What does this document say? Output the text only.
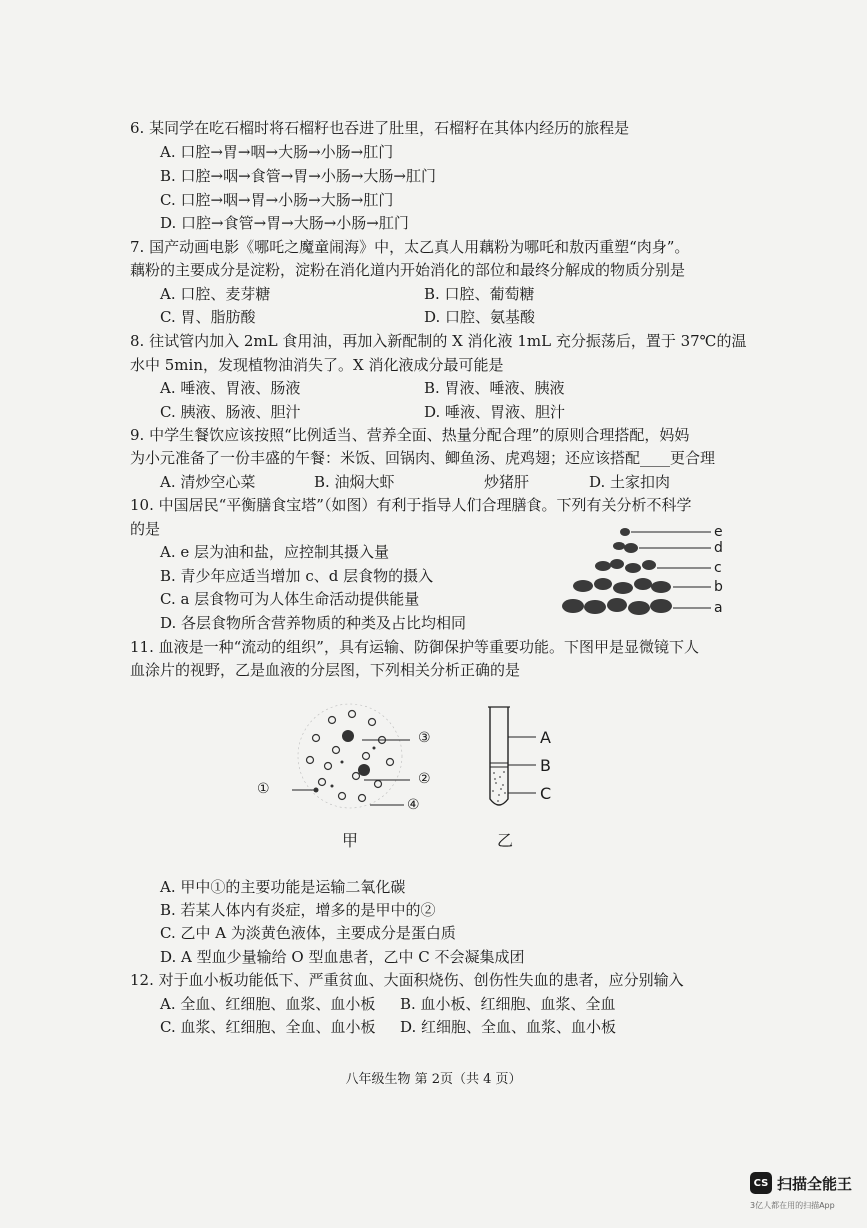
6. 某同学在吃石榴时将石榴籽也吞进了肚里，石榴籽在其体内经历的旅程是
A. 口腔→胃→咽→大肠→小肠→肛门
B. 口腔→咽→食管→胃→小肠→大肠→肛门
C. 口腔→咽→胃→小肠→大肠→肛门
D. 口腔→食管→胃→大肠→小肠→肛门
7. 国产动画电影《哪吒之魔童闹海》中，太乙真人用藕粉为哪吒和敖丙重塑“肉身”。
藕粉的主要成分是淀粉，淀粉在消化道内开始消化的部位和最终分解成的物质分别是
A. 口腔、麦芽糖	B. 口腔、葡萄糖
C. 胃、脂肪酸	D. 口腔、氨基酸
8. 往试管内加入 2mL 食用油，再加入新配制的 X 消化液 1mL 充分振荡后，置于 37℃的温
水中 5min，发现植物油消失了。X 消化液成分最可能是
A. 唾液、胃液、肠液	B. 胃液、唾液、胰液
C. 胰液、肠液、胆汁	D. 唾液、胃液、胆汁
9. 中学生餐饮应该按照“比例适当、营养全面、热量分配合理”的原则合理搭配，妈妈
为小元准备了一份丰盛的午餐：米饭、回锅肉、鲫鱼汤、虎鸡翅；还应该搭配____更合理
A. 清炒空心菜	B. 油焖大虾	炒猪肝	D. 土家扣肉
10. 中国居民“平衡膳食宝塔”（如图）有利于指导人们合理膳食。下列有关分析不科学
的是
A. e 层为油和盐，应控制其摄入量
B. 青少年应适当增加 c、d 层食物的摄入
C. a 层食物可为人体生命活动提供能量
D. 各层食物所含营养物质的种类及占比均相同
e
d
c
b
a
11. 血液是一种“流动的组织”，具有运输、防御保护等重要功能。下图甲是显微镜下人
血涂片的视野，乙是血液的分层图，下列相关分析正确的是
③
②
①
④
甲
A
B
C
乙
A. 甲中①的主要功能是运输二氧化碳
B. 若某人体内有炎症，增多的是甲中的②
C. 乙中 A 为淡黄色液体，主要成分是蛋白质
D. A 型血少量输给 O 型血患者，乙中 C 不会凝集成团
12. 对于血小板功能低下、严重贫血、大面积烧伤、创伤性失血的患者，应分别输入
A. 全血、红细胞、血浆、血小板 B. 血小板、红细胞、血浆、全血
C. 血浆、红细胞、全血、血小板 D. 红细胞、全血、血浆、血小板
八年级生物 第 2页（共 4 页）
CS 扫描全能王
3亿人都在用的扫描App
